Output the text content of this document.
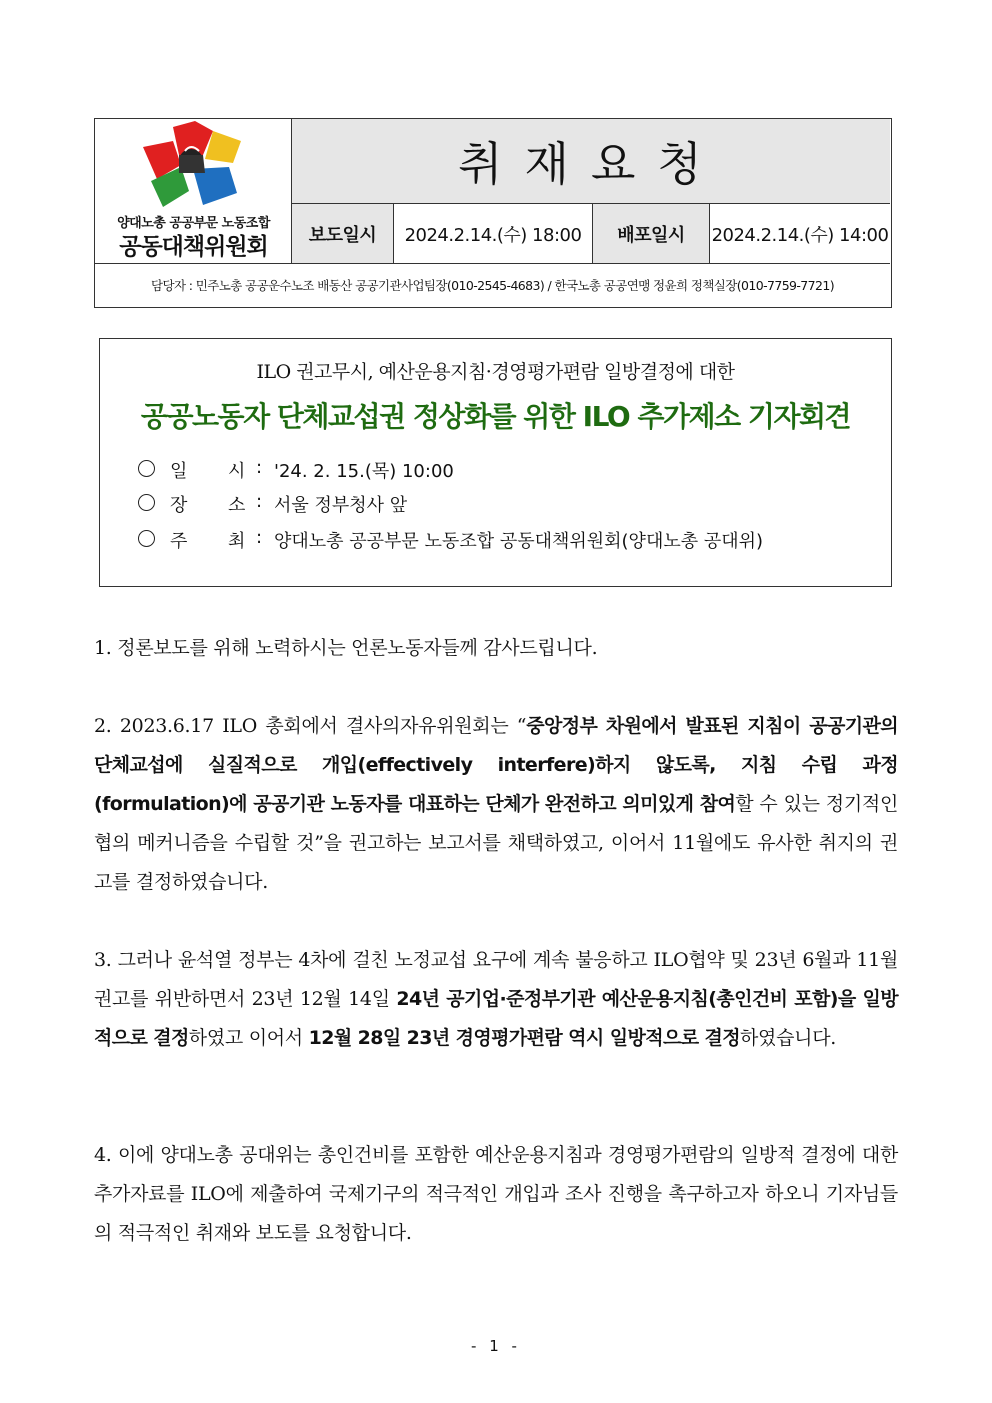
양대노총 공공부문 노동조합
공동대책위원회
취재요청
보도일시	2024.2.14.(수) 18:00	배포일시	2024.2.14.(수) 14:00
담당자 : 민주노총 공공운수노조 배동산 공공기관사업팀장(010-2545-4683) / 한국노총 공공연맹 정윤희 정책실장(010-7759-7721)
ILO 권고무시, 예산운용지침·경영평가편람 일방결정에 대한
공공노동자 단체교섭권 정상화를 위한 ILO 추가제소 기자회견
일 시 : '24. 2. 15.(목) 10:00
장 소 : 서울 정부청사 앞
주 최 : 양대노총 공공부문 노동조합 공동대책위원회(양대노총 공대위)
1. 정론보도를 위해 노력하시는 언론노동자들께 감사드립니다.
2. 2023.6.17 ILO 총회에서 결사의자유위원회는 “중앙정부 차원에서 발표된 지침이 공공기관의 단체교섭에 실질적으로 개입(effectively interfere)하지 않도록, 지침 수립 과정(formulation)에 공공기관 노동자를 대표하는 단체가 완전하고 의미있게 참여할 수 있는 정기적인 협의 메커니즘을 수립할 것”을 권고하는 보고서를 채택하였고, 이어서 11월에도 유사한 취지의 권고를 결정하였습니다.
3. 그러나 윤석열 정부는 4차에 걸친 노정교섭 요구에 계속 불응하고 ILO협약 및 23년 6월과 11월 권고를 위반하면서 23년 12월 14일 24년 공기업·준정부기관 예산운용지침(총인건비 포함)을 일방적으로 결정하였고 이어서 12월 28일 23년 경영평가편람 역시 일방적으로 결정하였습니다.
4. 이에 양대노총 공대위는 총인건비를 포함한 예산운용지침과 경영평가편람의 일방적 결정에 대한 추가자료를 ILO에 제출하여 국제기구의 적극적인 개입과 조사 진행을 촉구하고자 하오니 기자님들의 적극적인 취재와 보도를 요청합니다.
- 1 -
